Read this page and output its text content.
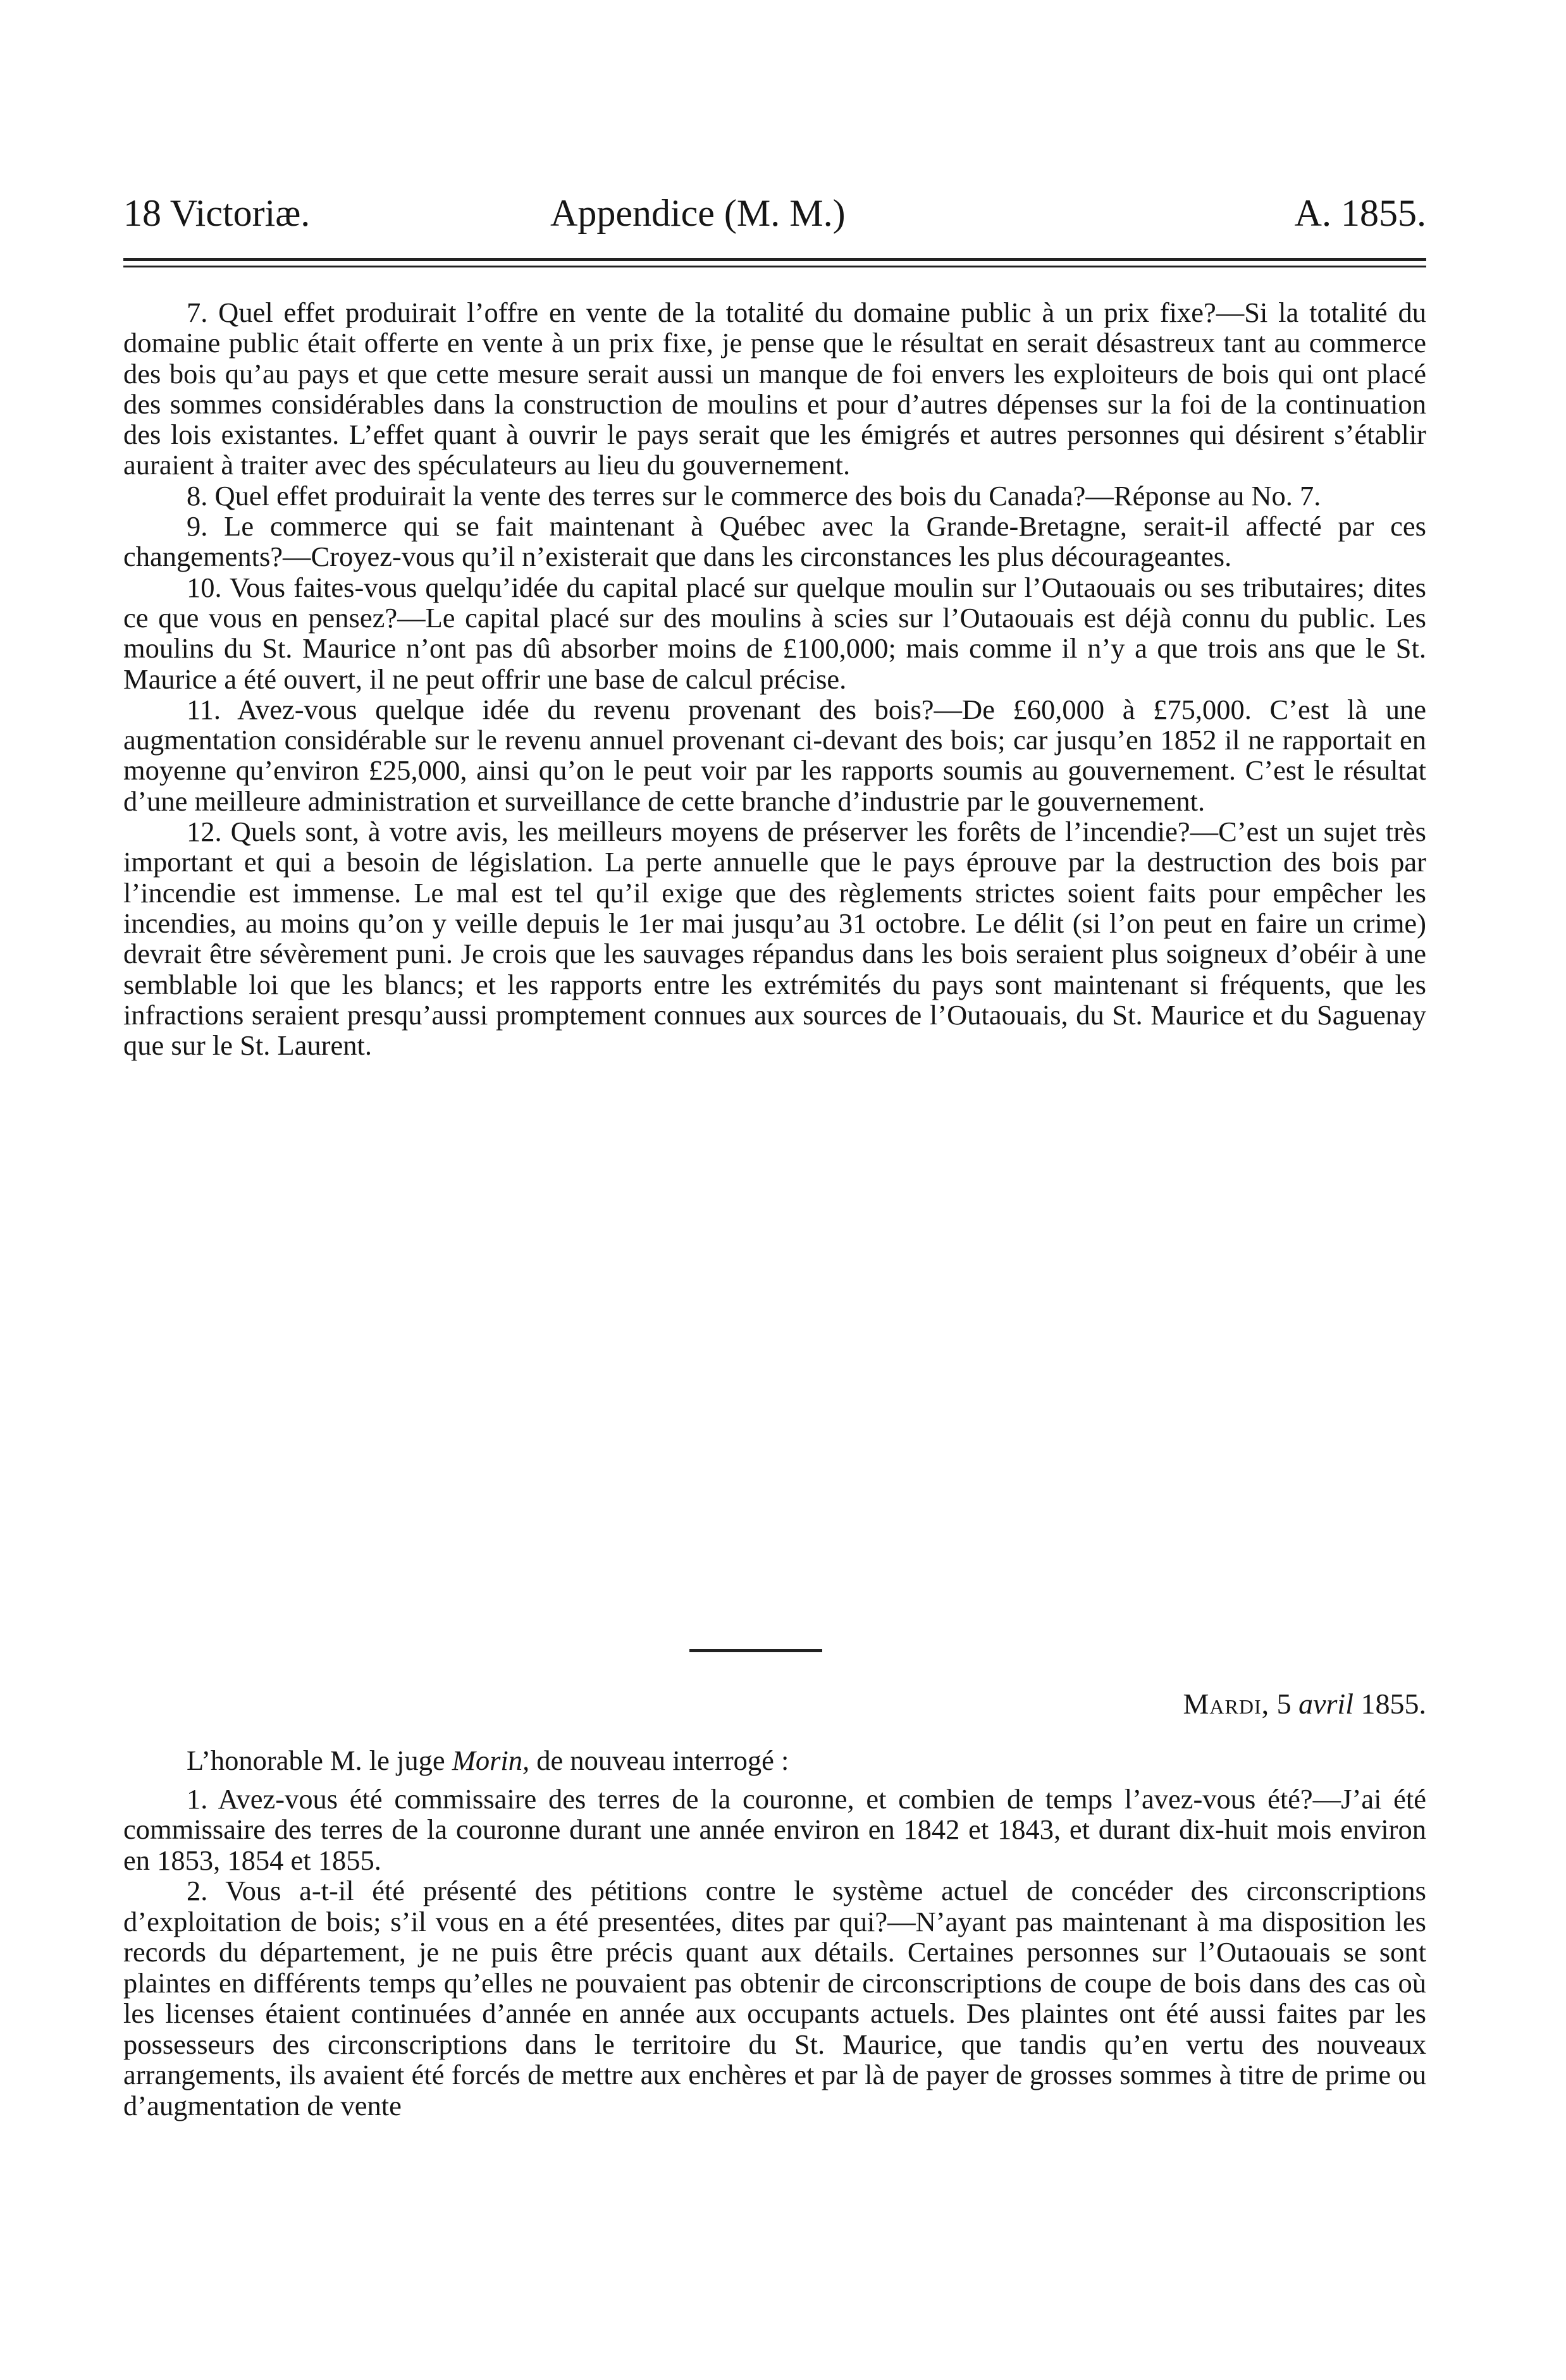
18 Victoriæ.	Appendice (M. M.)	A. 1855.

7. Quel effet produirait l’offre en vente de la totalité du domaine public à un prix fixe?—Si la totalité du domaine public était offerte en vente à un prix fixe, je pense que le résultat en serait désastreux tant au commerce des bois qu’au pays et que cette mesure serait aussi un manque de foi envers les exploiteurs de bois qui ont placé des sommes considérables dans la construction de moulins et pour d’autres dépenses sur la foi de la continuation des lois existantes. L’effet quant à ouvrir le pays serait que les émigrés et autres personnes qui désirent s’établir auraient à traiter avec des spéculateurs au lieu du gouvernement.

8. Quel effet produirait la vente des terres sur le commerce des bois du Canada?—Réponse au No. 7.

9. Le commerce qui se fait maintenant à Québec avec la Grande-Bretagne, serait-il affecté par ces changements?—Croyez-vous qu’il n’existerait que dans les circonstances les plus décourageantes.

10. Vous faites-vous quelqu’idée du capital placé sur quelque moulin sur l’Outaouais ou ses tributaires; dites ce que vous en pensez?—Le capital placé sur des moulins à scies sur l’Outaouais est déjà connu du public. Les moulins du St. Maurice n’ont pas dû absorber moins de £100,000; mais comme il n’y a que trois ans que le St. Maurice a été ouvert, il ne peut offrir une base de calcul précise.

11. Avez-vous quelque idée du revenu provenant des bois?—De £60,000 à £75,000. C’est là une augmentation considérable sur le revenu annuel provenant ci-devant des bois; car jusqu’en 1852 il ne rapportait en moyenne qu’environ £25,000, ainsi qu’on le peut voir par les rapports soumis au gouvernement. C’est le résultat d’une meilleure administration et surveillance de cette branche d’industrie par le gouvernement.

12. Quels sont, à votre avis, les meilleurs moyens de préserver les forêts de l’incendie?—C’est un sujet très important et qui a besoin de législation. La perte annuelle que le pays éprouve par la destruction des bois par l’incendie est immense. Le mal est tel qu’il exige que des règlements strictes soient faits pour empêcher les incendies, au moins qu’on y veille depuis le 1er mai jusqu’au 31 octobre. Le délit (si l’on peut en faire un crime) devrait être sévèrement puni. Je crois que les sauvages répandus dans les bois seraient plus soigneux d’obéir à une semblable loi que les blancs; et les rapports entre les extrémités du pays sont maintenant si fréquents, que les infractions seraient presqu’aussi promptement connues aux sources de l’Outaouais, du St. Maurice et du Saguenay que sur le St. Laurent.

Mardi, 5 avril 1855.

L’honorable M. le juge Morin, de nouveau interrogé :

1. Avez-vous été commissaire des terres de la couronne, et combien de temps l’avez-vous été?—J’ai été commissaire des terres de la couronne durant une année environ en 1842 et 1843, et durant dix-huit mois environ en 1853, 1854 et 1855.

2. Vous a-t-il été présenté des pétitions contre le système actuel de concéder des circonscriptions d’exploitation de bois; s’il vous en a été presentées, dites par qui?—N’ayant pas maintenant à ma disposition les records du département, je ne puis être précis quant aux détails. Certaines personnes sur l’Outaouais se sont plaintes en différents temps qu’elles ne pouvaient pas obtenir de circonscriptions de coupe de bois dans des cas où les licenses étaient continuées d’année en année aux occupants actuels. Des plaintes ont été aussi faites par les possesseurs des circonscriptions dans le territoire du St. Maurice, que tandis qu’en vertu des nouveaux arrangements, ils avaient été forcés de mettre aux enchères et par là de payer de grosses sommes à titre de prime ou d’augmentation de vente
